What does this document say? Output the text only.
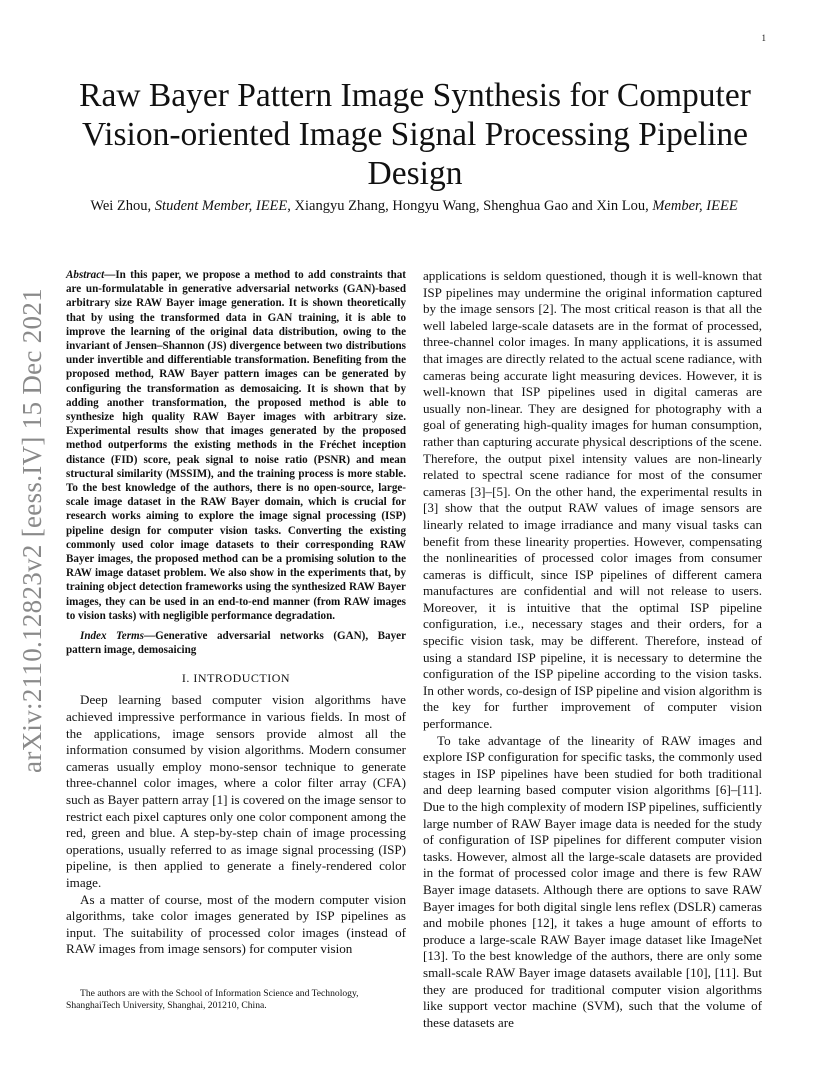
1
arXiv:2110.12823v2 [eess.IV] 15 Dec 2021
Raw Bayer Pattern Image Synthesis for Computer Vision-oriented Image Signal Processing Pipeline Design
Wei Zhou, Student Member, IEEE, Xiangyu Zhang, Hongyu Wang, Shenghua Gao and Xin Lou, Member, IEEE

Abstract—In this paper, we propose a method to add constraints that are un-formulatable in generative adversarial networks (GAN)-based arbitrary size RAW Bayer image generation. It is shown theoretically that by using the transformed data in GAN training, it is able to improve the learning of the original data distribution, owing to the invariant of Jensen–Shannon (JS) divergence between two distributions under invertible and differentiable transformation. Benefiting from the proposed method, RAW Bayer pattern images can be generated by configuring the transformation as demosaicing. It is shown that by adding another transformation, the proposed method is able to synthesize high quality RAW Bayer images with arbitrary size. Experimental results show that images generated by the proposed method outperforms the existing methods in the Fréchet inception distance (FID) score, peak signal to noise ratio (PSNR) and mean structural similarity (MSSIM), and the training process is more stable. To the best knowledge of the authors, there is no open-source, large-scale image dataset in the RAW Bayer domain, which is crucial for research works aiming to explore the image signal processing (ISP) pipeline design for computer vision tasks. Converting the existing commonly used color image datasets to their corresponding RAW Bayer images, the proposed method can be a promising solution to the RAW image dataset problem. We also show in the experiments that, by training object detection frameworks using the synthesized RAW Bayer images, they can be used in an end-to-end manner (from RAW images to vision tasks) with negligible performance degradation.

Index Terms—Generative adversarial networks (GAN), Bayer pattern image, demosaicing

I. INTRODUCTION

Deep learning based computer vision algorithms have achieved impressive performance in various fields. In most of the applications, image sensors provide almost all the information consumed by vision algorithms. Modern consumer cameras usually employ mono-sensor technique to generate three-channel color images, where a color filter array (CFA) such as Bayer pattern array [1] is covered on the image sensor to restrict each pixel captures only one color component among the red, green and blue. A step-by-step chain of image processing operations, usually referred to as image signal processing (ISP) pipeline, is then applied to generate a finely-rendered color image.

As a matter of course, most of the modern computer vision algorithms, take color images generated by ISP pipelines as input. The suitability of processed color images (instead of RAW images from image sensors) for computer vision

applications is seldom questioned, though it is well-known that ISP pipelines may undermine the original information captured by the image sensors [2]. The most critical reason is that all the well labeled large-scale datasets are in the format of processed, three-channel color images. In many applications, it is assumed that images are directly related to the actual scene radiance, with cameras being accurate light measuring devices. However, it is well-known that ISP pipelines used in digital cameras are usually non-linear. They are designed for photography with a goal of generating high-quality images for human consumption, rather than capturing accurate physical descriptions of the scene. Therefore, the output pixel intensity values are non-linearly related to spectral scene radiance for most of the consumer cameras [3]–[5]. On the other hand, the experimental results in [3] show that the output RAW values of image sensors are linearly related to image irradiance and many visual tasks can benefit from these linearity properties. However, compensating the nonlinearities of processed color images from consumer cameras is difficult, since ISP pipelines of different camera manufactures are confidential and will not release to users. Moreover, it is intuitive that the optimal ISP pipeline configuration, i.e., necessary stages and their orders, for a specific vision task, may be different. Therefore, instead of using a standard ISP pipeline, it is necessary to determine the configuration of the ISP pipeline according to the vision tasks. In other words, co-design of ISP pipeline and vision algorithm is the key for further improvement of computer vision performance.

To take advantage of the linearity of RAW images and explore ISP configuration for specific tasks, the commonly used stages in ISP pipelines have been studied for both traditional and deep learning based computer vision algorithms [6]–[11]. Due to the high complexity of modern ISP pipelines, sufficiently large number of RAW Bayer image data is needed for the study of configuration of ISP pipelines for different computer vision tasks. However, almost all the large-scale datasets are provided in the format of processed color image and there is few RAW Bayer image datasets. Although there are options to save RAW Bayer images for both digital single lens reflex (DSLR) cameras and mobile phones [12], it takes a huge amount of efforts to produce a large-scale RAW Bayer image dataset like ImageNet [13]. To the best knowledge of the authors, there are only some small-scale RAW Bayer image datasets available [10], [11]. But they are produced for traditional computer vision algorithms like support vector machine (SVM), such that the volume of these datasets are

The authors are with the School of Information Science and Technology, ShanghaiTech University, Shanghai, 201210, China.
